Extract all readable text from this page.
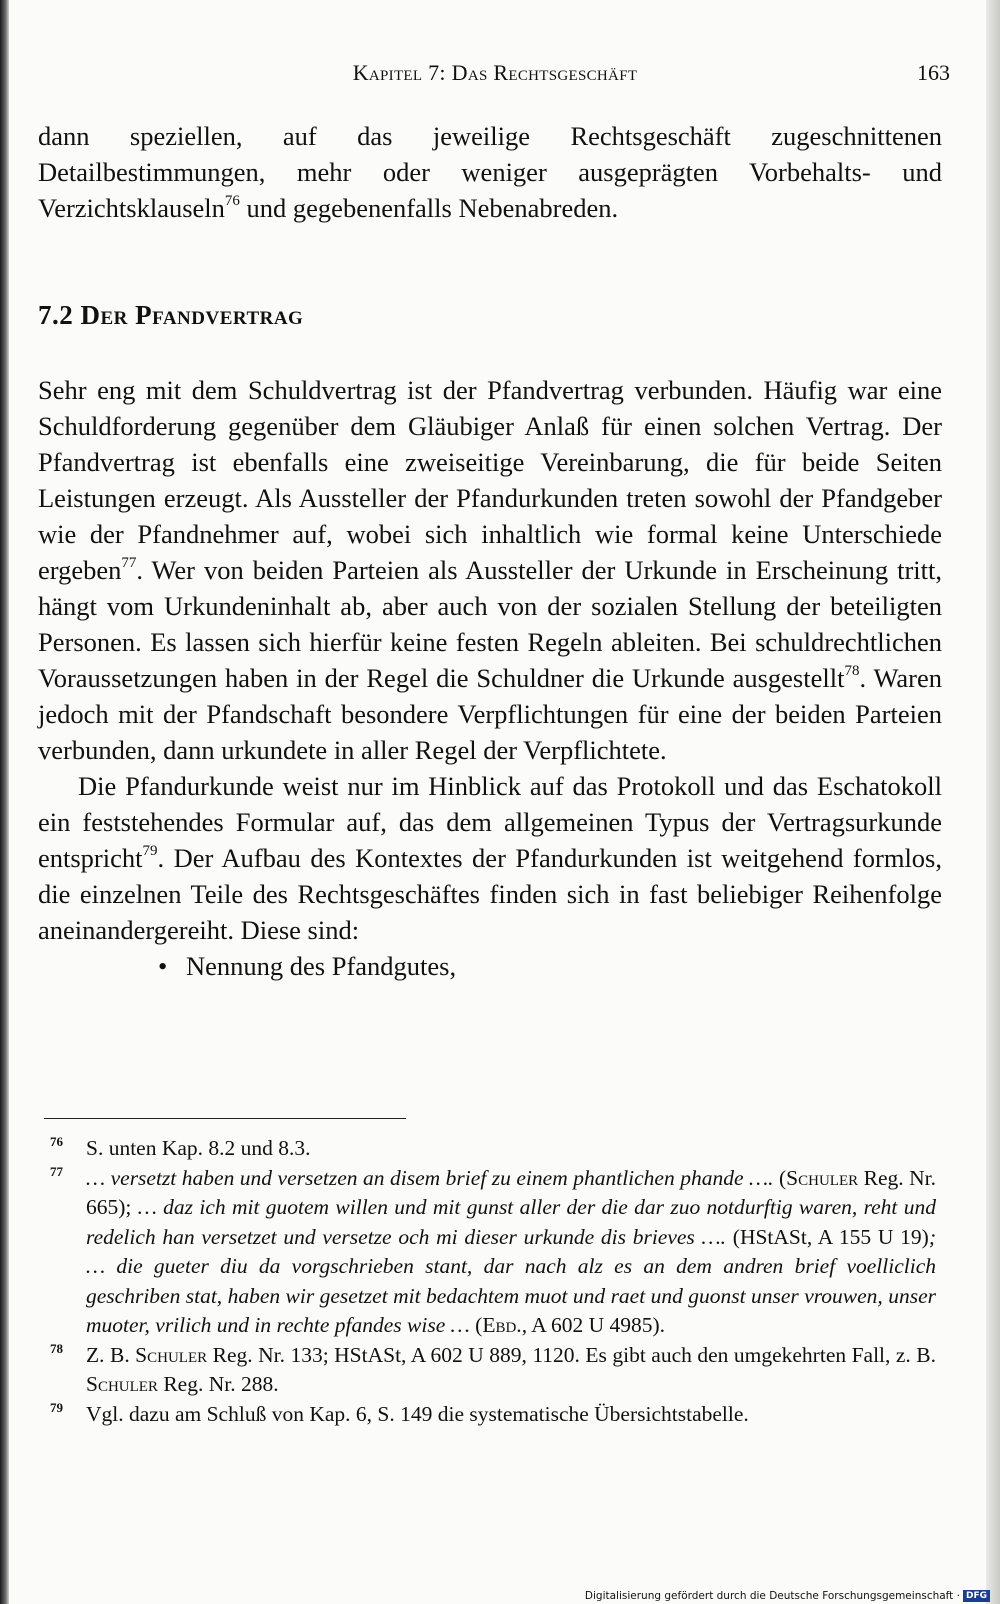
Kapitel 7: Das Rechtsgeschäft	163

dann speziellen, auf das jeweilige Rechtsgeschäft zugeschnittenen Detailbestimmungen, mehr oder weniger ausgeprägten Vorbehalts- und Verzichtsklauseln$^{76}$ und gegebenenfalls Nebenabreden.

7.2 Der Pfandvertrag

Sehr eng mit dem Schuldvertrag ist der Pfandvertrag verbunden. Häufig war eine Schuldforderung gegenüber dem Gläubiger Anlaß für einen solchen Vertrag. Der Pfandvertrag ist ebenfalls eine zweiseitige Vereinbarung, die für beide Seiten Leistungen erzeugt. Als Aussteller der Pfandurkunden treten sowohl der Pfandgeber wie der Pfandnehmer auf, wobei sich inhaltlich wie formal keine Unterschiede ergeben$^{77}$. Wer von beiden Parteien als Aussteller der Urkunde in Erscheinung tritt, hängt vom Urkundeninhalt ab, aber auch von der sozialen Stellung der beteiligten Personen. Es lassen sich hierfür keine festen Regeln ableiten. Bei schuldrechtlichen Voraussetzungen haben in der Regel die Schuldner die Urkunde ausgestellt$^{78}$. Waren jedoch mit der Pfandschaft besondere Verpflichtungen für eine der beiden Parteien verbunden, dann urkundete in aller Regel der Verpflichtete.

Die Pfandurkunde weist nur im Hinblick auf das Protokoll und das Eschatokoll ein feststehendes Formular auf, das dem allgemeinen Typus der Vertragsurkunde entspricht$^{79}$. Der Aufbau des Kontextes der Pfandurkunden ist weitgehend formlos, die einzelnen Teile des Rechtsgeschäftes finden sich in fast beliebiger Reihenfolge aneinandergereiht. Diese sind:

• Nennung des Pfandgutes,

76 S. unten Kap. 8.2 und 8.3.
77 … versetzt haben und versetzen an disem brief zu einem phantlichen phande …. (Schuler Reg. Nr. 665); … daz ich mit guotem willen und mit gunst aller der die dar zuo notdurftig waren, reht und redelich han versetzet und versetze och mi dieser urkunde dis brieves …. (HStASt, A 155 U 19); … die gueter diu da vorgschrieben stant, dar nach alz es an dem andren brief voelliclich geschriben stat, haben wir gesetzet mit bedachtem muot und raet und guonst unser vrouwen, unser muoter, vrilich und in rechte pfandes wise … (Ebd., A 602 U 4985).
78 Z. B. Schuler Reg. Nr. 133; HStASt, A 602 U 889, 1120. Es gibt auch den umgekehrten Fall, z. B. Schuler Reg. Nr. 288.
79 Vgl. dazu am Schluß von Kap. 6, S. 149 die systematische Übersichtstabelle.
Digitalisierung gefördert durch die Deutsche Forschungsgemeinschaft · DFG
